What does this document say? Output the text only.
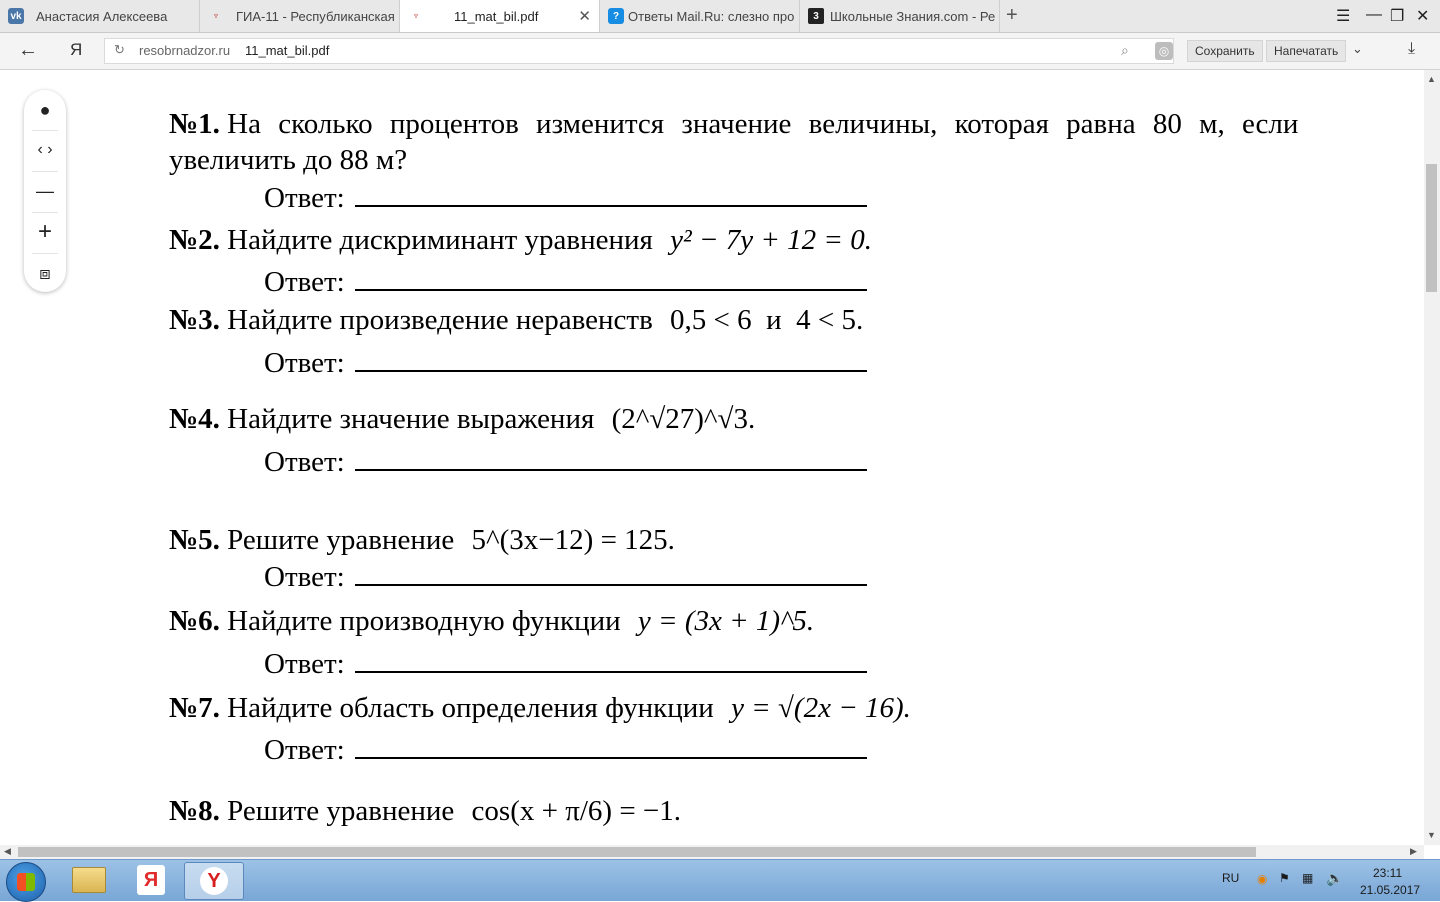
vk Анастасия Алексеева	♆	ГИА-11 - Республиканская	♆	11_mat_bil.pdf	✕	? Ответы Mail.Ru: слезно про	3 Школьные Знания.com - Ре +	☰ — ❐ ✕
← Я ↻ resobrnadzor.ru 11_mat_bil.pdf	⌕	◎	Сохранить	Напечатать	⌄	⤓
●
‹ ›
—
+
⧈
№1. На сколько процентов изменится значение величины, которая равна 80 м, если
увеличить до 88 м?
Ответ:
№2. Найдите дискриминант уравнения y² − 7y + 12 = 0.
Ответ:
№3. Найдите произведение неравенств 0,5 < 6  и  4 < 5.
Ответ:
№4. Найдите значение выражения (2^√27)^√3.
Ответ:
№5. Решите уравнение 5^(3x−12) = 125.
Ответ:
№6. Найдите производную функции y = (3x + 1)^5.
Ответ:
№7. Найдите область определения функции y = √(2x − 16).
Ответ:
№8. Решите уравнение cos(x + π/6) = −1.
▲
▼
◀	▶
Я	Y	RU ◉ ⚑ ▦ 🔈 23:11
21.05.2017
